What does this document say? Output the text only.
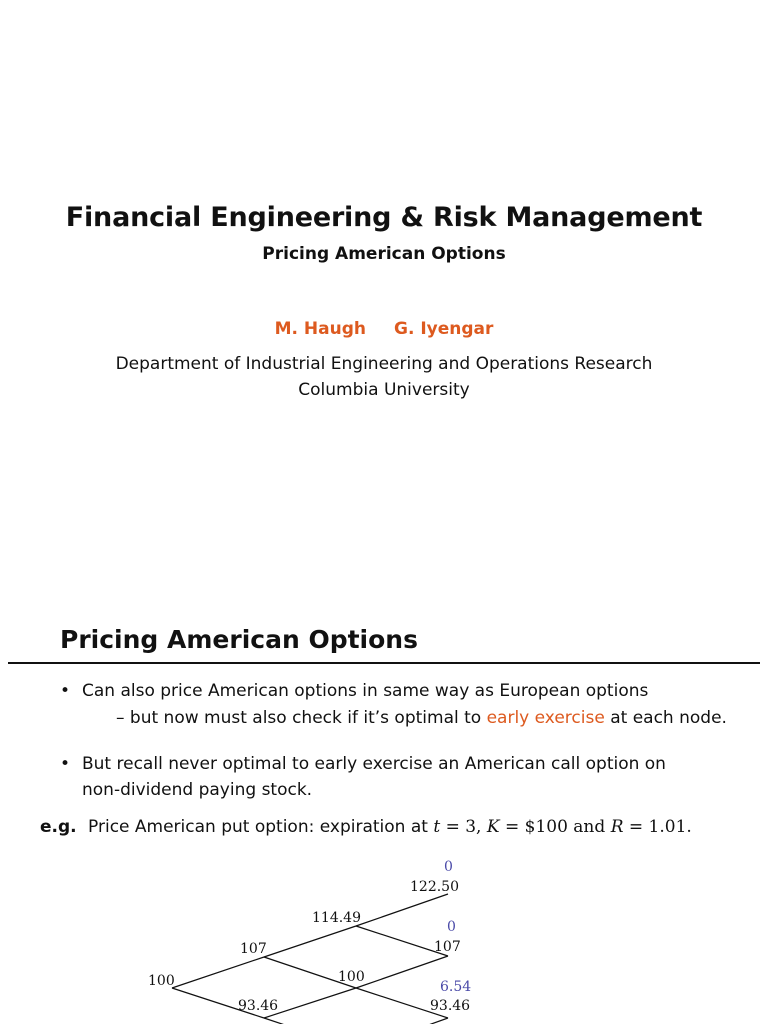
Financial Engineering & Risk Management
Pricing American Options
M. Haugh G. Iyengar
Department of Industrial Engineering and Operations Research
Columbia University
Pricing American Options
• Can also price American options in same way as European options
– but now must also check if it’s optimal to early exercise at each node.
• But recall never optimal to early exercise an American call option on
non-dividend paying stock.
e.g. Price American put option: expiration at t = 3, K = $100 and R = 1.01.
100
107
93.46
114.49
100
122.50
107
93.46
0
0
6.54
